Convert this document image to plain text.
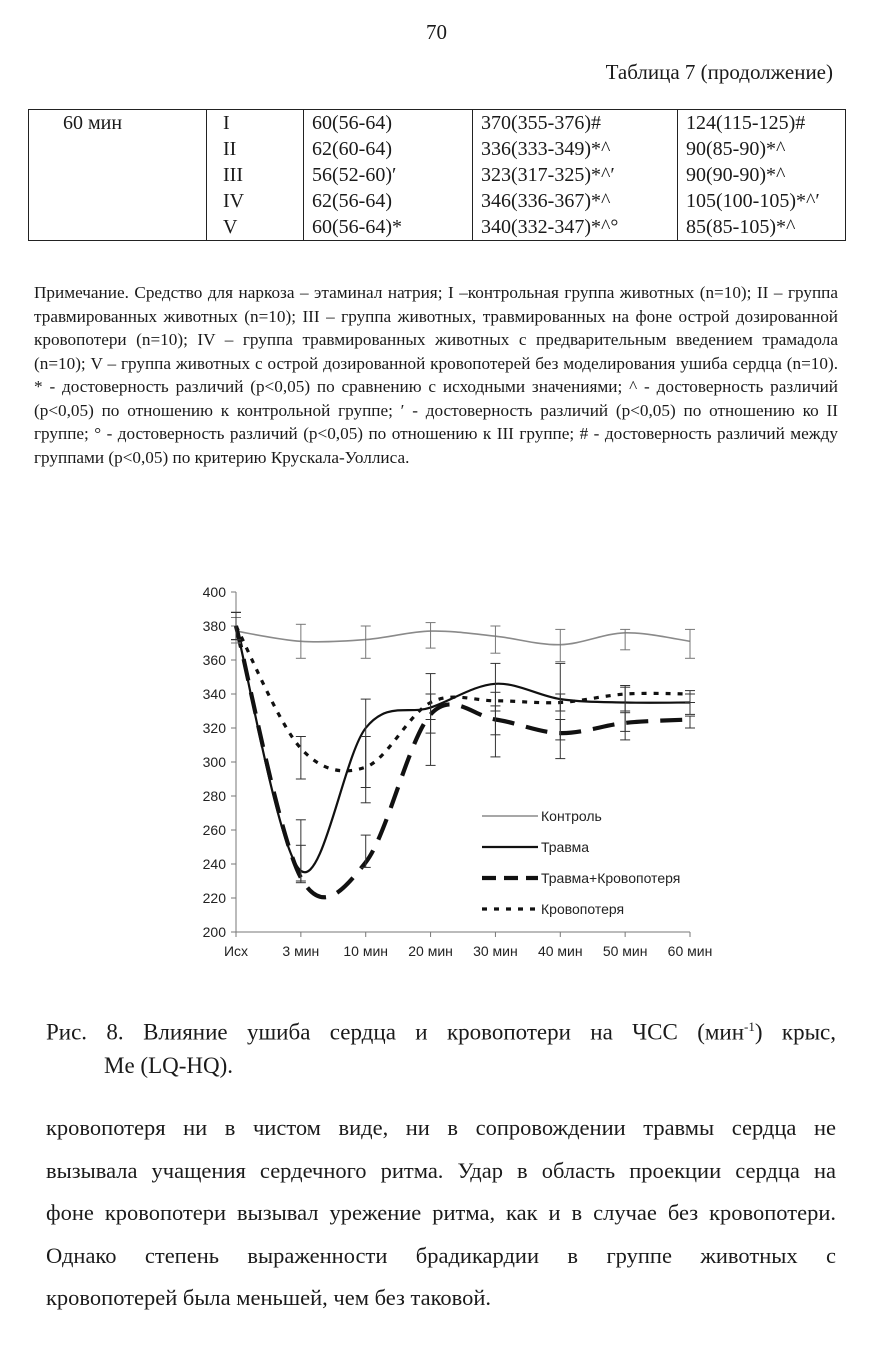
70
Таблица 7 (продолжение)
60 мин	I	60(56-64)	370(355-376)#	124(115-125)#
	II	62(60-64)	336(333-349)*^	90(85-90)*^
	III	56(52-60)′	323(317-325)*^′	90(90-90)*^
	IV	62(56-64)	346(336-367)*^	105(100-105)*^′
	V	60(56-64)*	340(332-347)*^°	85(85-105)*^
Примечание. Средство для наркоза – этаминал натрия; I –контрольная группа животных (n=10); II – группа травмированных животных (n=10); III – группа животных, травмированных на фоне острой дозированной кровопотери (n=10); IV – группа травмированных животных с предварительным введением трамадола (n=10); V – группа животных с острой дозированной кровопотерей без моделирования ушиба сердца (n=10). * - достоверность различий (p<0,05) по сравнению с исходными значениями; ^ - достоверность различий (p<0,05) по отношению к контрольной группе; ′ - достоверность различий (p<0,05) по отношению ко II группе; ° - достоверность различий (p<0,05) по отношению к III группе; # - достоверность различий между группами (p<0,05) по критерию Крускала-Уоллиса.
200
220
240
260
280
300
320
340
360
380
400
Исх 3 мин 10 мин 20 мин 30 мин 40 мин 50 мин 60 мин
Контроль
Травма
Травма+Кровопотеря
Кровопотеря
Рис. 8. Влияние ушиба сердца и кровопотери на ЧСС (мин$^{-1}$) крыс,
Me (LQ-HQ).
кровопотеря ни в чистом виде, ни в сопровождении травмы сердца не
вызывала учащения сердечного ритма. Удар в область проекции сердца на
фоне кровопотери вызывал урежение ритма, как и в случае без кровопотери.
Однако степень выраженности брадикардии в группе животных с
кровопотерей была меньшей, чем без таковой.
